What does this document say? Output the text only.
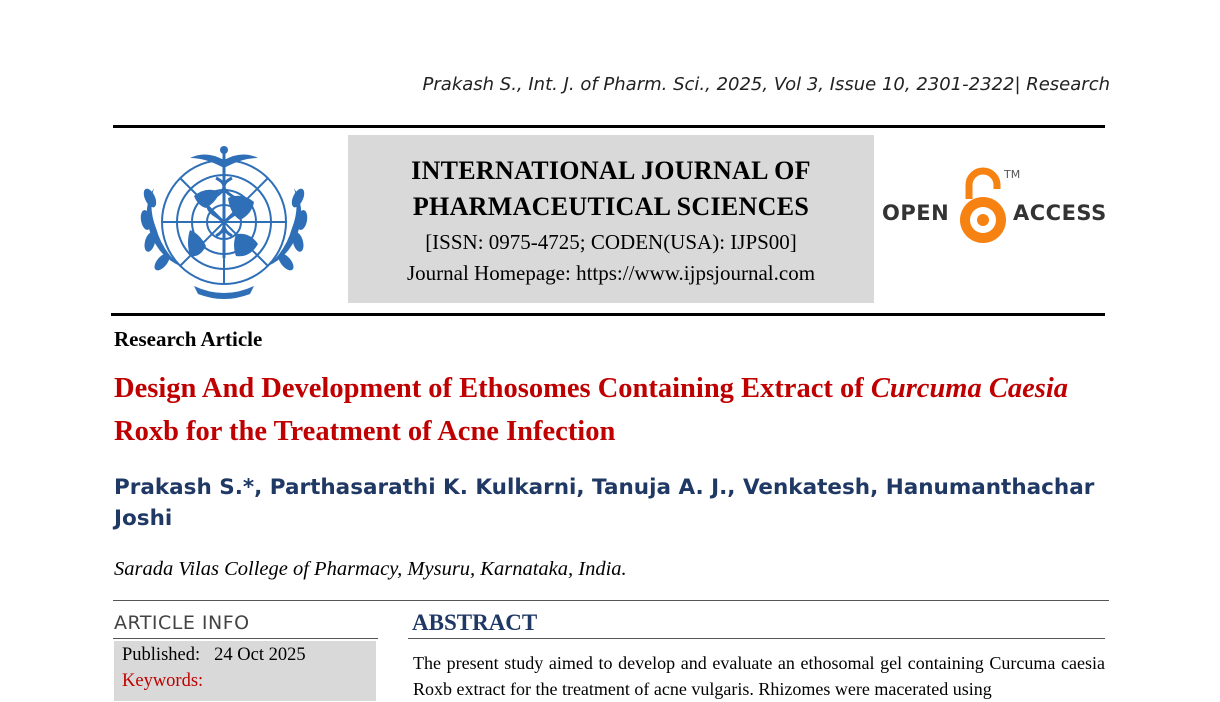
Prakash S., Int. J. of Pharm. Sci., 2025, Vol 3, Issue 10, 2301-2322| Research
INTERNATIONAL JOURNAL OF
PHARMACEUTICAL SCIENCES
[ISSN: 0975-4725; CODEN(USA): IJPS00]
Journal Homepage: https://www.ijpsjournal.com
OPEN
TM
ACCESS
Research Article
Design And Development of Ethosomes Containing Extract of Curcuma Caesia Roxb for the Treatment of Acne Infection
Prakash S.*, Parthasarathi K. Kulkarni, Tanuja A. J., Venkatesh, Hanumanthachar Joshi
Sarada Vilas College of Pharmacy, Mysuru, Karnataka, India.
ARTICLE INFO
Published: 24 Oct 2025
Keywords:
ABSTRACT
The present study aimed to develop and evaluate an ethosomal gel containing Curcuma caesia Roxb extract for the treatment of acne vulgaris. Rhizomes were macerated using
